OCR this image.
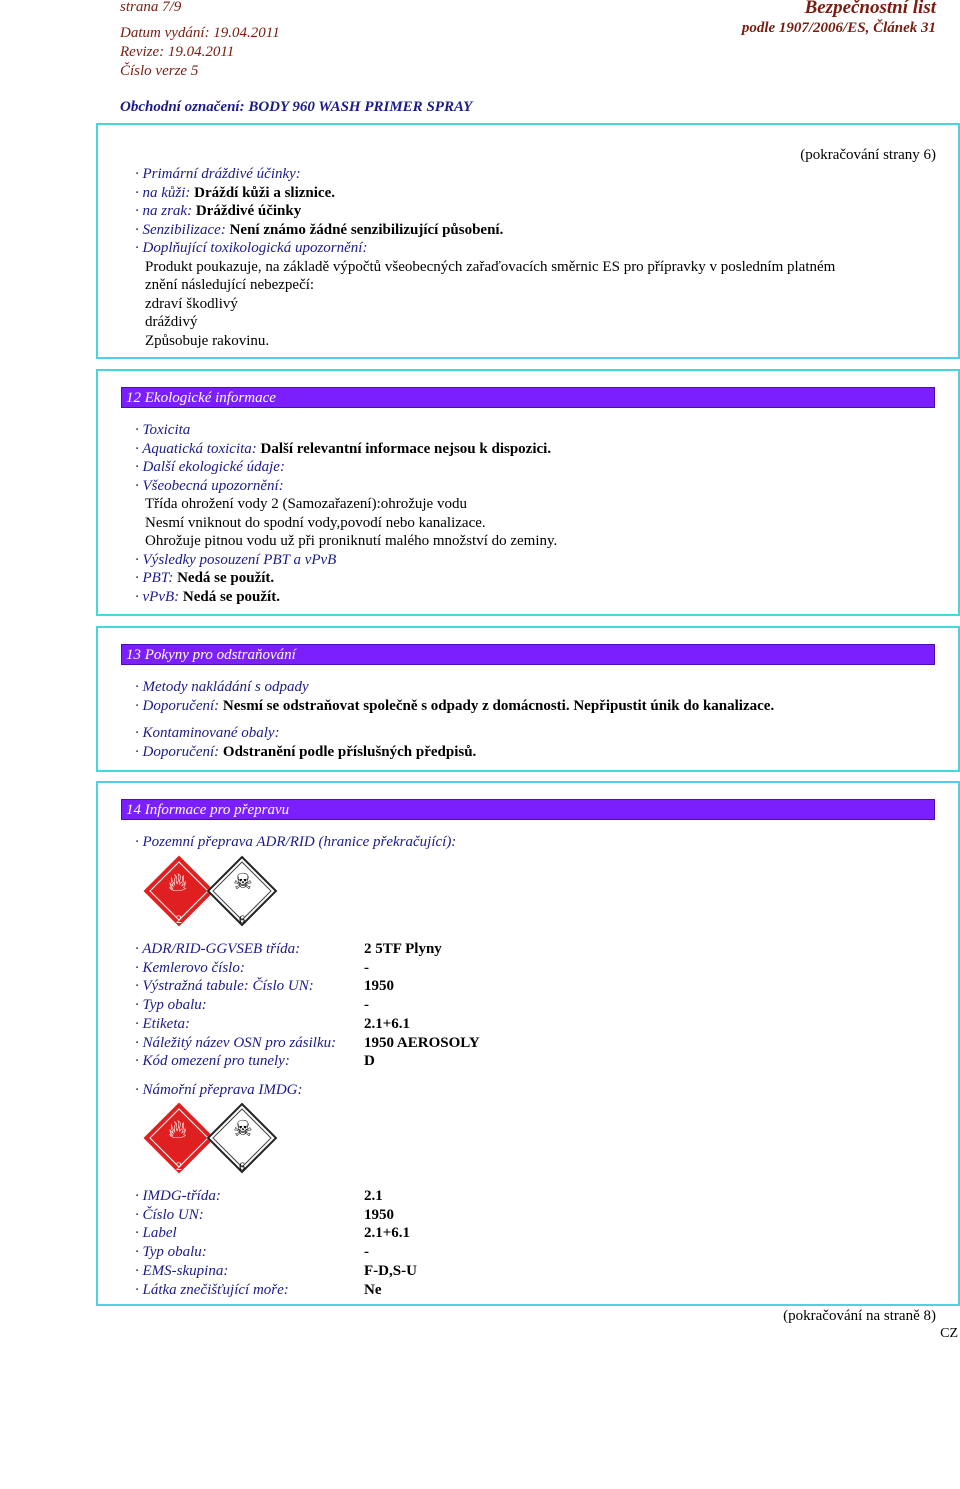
strana 7/9	Bezpečnostní list
Datum vydání: 19.04.2011	podle 1907/2006/ES, Článek 31
Revize: 19.04.2011
Číslo verze 5
Obchodní označení: BODY 960 WASH PRIMER SPRAY
(pokračování strany 6)
· Primární dráždivé účinky:
· na kůži: Dráždí kůži a sliznice.
· na zrak: Dráždivé účinky
· Senzibilizace: Není známo žádné senzibilizující působení.
· Doplňující toxikologická upozornění:
Produkt poukazuje, na základě výpočtů všeobecných zařaďovacích směrnic ES pro přípravky v posledním platném
znění následující nebezpečí:
zdraví škodlivý
dráždivý
Způsobuje rakovinu.
12 Ekologické informace
· Toxicita
· Aquatická toxicita: Další relevantní informace nejsou k dispozici.
· Další ekologické údaje:
· Všeobecná upozornění:
Třída ohrožení vody 2 (Samozařazení):ohrožuje vodu
Nesmí vniknout do spodní vody,povodí nebo kanalizace.
Ohrožuje pitnou vodu už při proniknutí malého množství do zeminy.
· Výsledky posouzení PBT a vPvB
· PBT: Nedá se použít.
· vPvB: Nedá se použít.
13 Pokyny pro odstraňování
· Metody nakládání s odpady
· Doporučení: Nesmí se odstraňovat společně s odpady z domácnosti. Nepřipustit únik do kanalizace.
· Kontaminované obaly:
· Doporučení: Odstranění podle příslušných předpisů.
14 Informace pro přepravu
· Pozemní přeprava ADR/RID (hranice překračující):
🔥︎
2
☠
6
· ADR/RID-GGVSEB třída:	2 5TF Plyny
· Kemlerovo číslo:	-
· Výstražná tabule: Číslo UN:	1950
· Typ obalu:	-
· Etiketa:	2.1+6.1
· Náležitý název OSN pro zásilku:	1950 AEROSOLY
· Kód omezení pro tunely:	D
· Námořní přeprava IMDG:
🔥︎
2
☠
6
· IMDG-třída:	2.1
· Číslo UN:	1950
· Label	2.1+6.1
· Typ obalu:	-
· EMS-skupina:	F-D,S-U
· Látka znečišťující moře:	Ne
(pokračování na straně 8)
CZ
